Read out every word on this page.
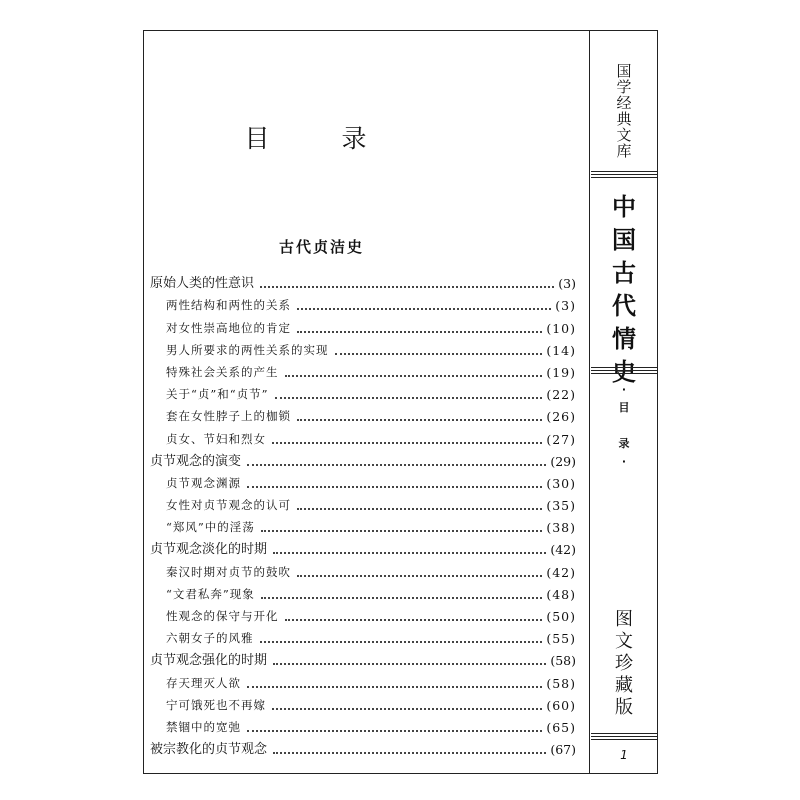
目 录
古代贞洁史
原始人类的性意识	(3)
两性结构和两性的关系	(3)
对女性崇高地位的肯定	(10)
男人所要求的两性关系的实现	(14)
特殊社会关系的产生	(19)
关于“贞”和“贞节”	(22)
套在女性脖子上的枷锁	(26)
贞女、节妇和烈女	(27)
贞节观念的演变	(29)
贞节观念渊源	(30)
女性对贞节观念的认可	(35)
“郑风”中的淫荡	(38)
贞节观念淡化的时期	(42)
秦汉时期对贞节的鼓吹	(42)
“文君私奔”现象	(48)
性观念的保守与开化	(50)
六朝女子的风雅	(55)
贞节观念强化的时期	(58)
存天理灭人欲	(58)
宁可饿死也不再嫁	(60)
禁锢中的宽弛	(65)
被宗教化的贞节观念	(67)
国
学
经
典
文
库
中
国
古
代
情
史
·
目

录
·
图
文
珍
藏
版
1
